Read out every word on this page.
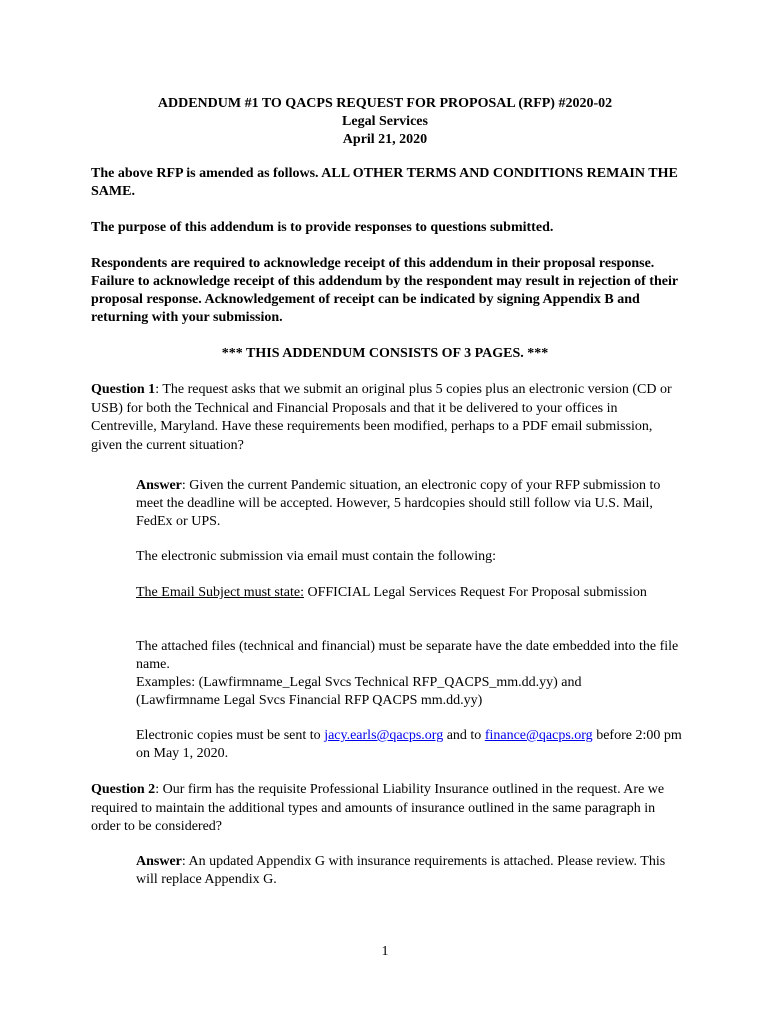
ADDENDUM #1 TO QACPS REQUEST FOR PROPOSAL (RFP) #2020-02
Legal Services
April 21, 2020

The above RFP is amended as follows. ALL OTHER TERMS AND CONDITIONS REMAIN THE SAME.

The purpose of this addendum is to provide responses to questions submitted.

Respondents are required to acknowledge receipt of this addendum in their proposal response. Failure to acknowledge receipt of this addendum by the respondent may result in rejection of their proposal response. Acknowledgement of receipt can be indicated by signing Appendix B and returning with your submission.

*** THIS ADDENDUM CONSISTS OF 3 PAGES. ***

Question 1: The request asks that we submit an original plus 5 copies plus an electronic version (CD or USB) for both the Technical and Financial Proposals and that it be delivered to your offices in Centreville, Maryland. Have these requirements been modified, perhaps to a PDF email submission, given the current situation?

Answer: Given the current Pandemic situation, an electronic copy of your RFP submission to meet the deadline will be accepted. However, 5 hardcopies should still follow via U.S. Mail, FedEx or UPS.

The electronic submission via email must contain the following:

The Email Subject must state: OFFICIAL Legal Services Request For Proposal submission

The attached files (technical and financial) must be separate have the date embedded into the file name.
Examples: (Lawfirmname_Legal Svcs Technical RFP_QACPS_mm.dd.yy) and
(Lawfirmname Legal Svcs Financial RFP QACPS mm.dd.yy)

Electronic copies must be sent to jacy.earls@qacps.org and to finance@qacps.org before 2:00 pm on May 1, 2020.

Question 2: Our firm has the requisite Professional Liability Insurance outlined in the request. Are we required to maintain the additional types and amounts of insurance outlined in the same paragraph in order to be considered?

Answer: An updated Appendix G with insurance requirements is attached. Please review. This will replace Appendix G.

1
